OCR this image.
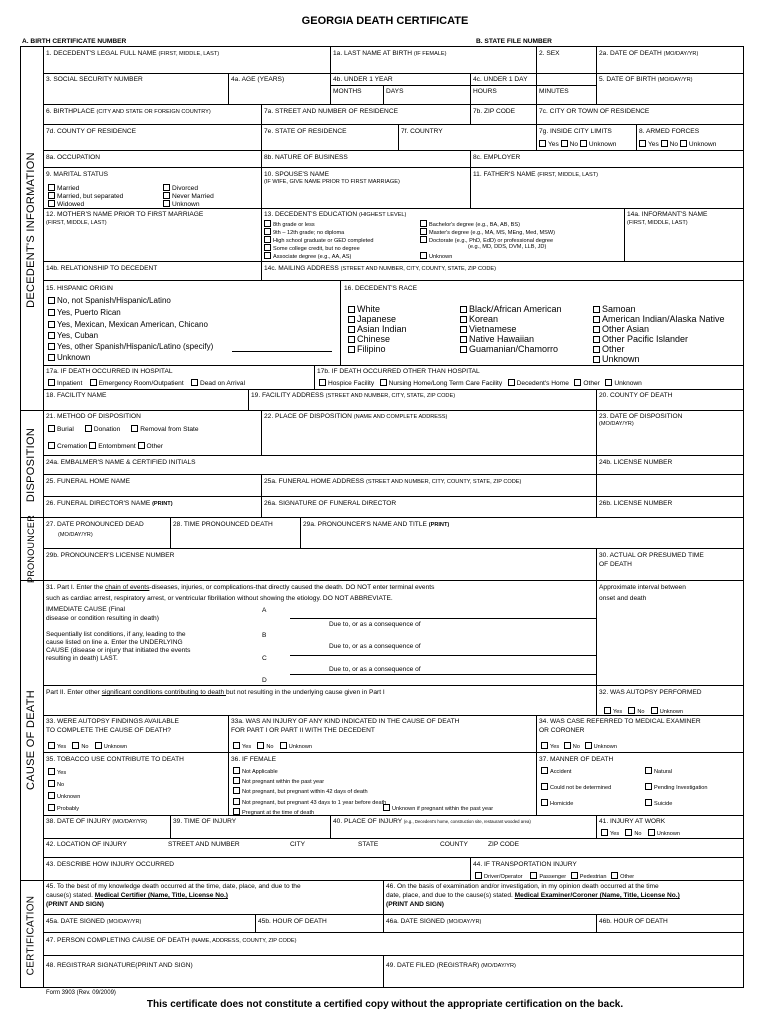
GEORGIA DEATH CERTIFICATE
A. BIRTH CERTIFICATE NUMBER	B. STATE FILE NUMBER
DECEDENT'S INFORMATION
DISPOSITION
PRONOUNCER
CAUSE OF DEATH
CERTIFICATION
1. DECEDENT'S LEGAL FULL NAME (FIRST, MIDDLE, LAST)	1a. LAST NAME AT BIRTH (IF FEMALE)	2. SEX	2a. DATE OF DEATH (MO/DAY/YR)
3. SOCIAL SECURITY NUMBER	4a. AGE (YEARS)	4b. UNDER 1 YEAR	4c. UNDER 1 DAY	5. DATE OF BIRTH (MO/DAY/YR)
MONTHS	DAYS	HOURS	MINUTES
6. BIRTHPLACE (CITY AND STATE OR FOREIGN COUNTRY)	7a. STREET AND NUMBER OF RESIDENCE	7b. ZIP CODE	7c. CITY OR TOWN OF RESIDENCE
7d. COUNTY OF RESIDENCE	7e. STATE OF RESIDENCE	7f. COUNTRY	7g. INSIDE CITY LIMITS	8. ARMED FORCES
Yes No Unknown	Yes No Unknown
8a. OCCUPATION	8b. NATURE OF BUSINESS	8c. EMPLOYER
9. MARITAL STATUS
Married
Married, but separated
Widowed
Divorced
Never Married
Unknown
10. SPOUSE'S NAME
(IF WIFE, GIVE NAME PRIOR TO FIRST MARRIAGE)
11. FATHER'S NAME (FIRST, MIDDLE, LAST)
12. MOTHER'S NAME PRIOR TO FIRST MARRIAGE
(FIRST, MIDDLE, LAST)
13. DECEDENT'S EDUCATION (HIGHEST LEVEL)
8th grade or less
9th – 12th grade; no diploma
High school graduate or GED completed
Some college credit, but no degree
Associate degree (e.g., AA, AS)
Bachelor's degree (e.g., BA, AB, BS)
Master's degree (e.g., MA, MS, MEng, Med, MSW)
Doctorate (e.g., PhD, EdD) or professional degree
(e.g., MD, DDS, DVM, LLB, JD)
Unknown
14a. INFORMANT'S NAME
(FIRST, MIDDLE, LAST)
14b. RELATIONSHIP TO DECEDENT	14c. MAILING ADDRESS (STREET AND NUMBER, CITY, COUNTY, STATE, ZIP CODE)
15. HISPANIC ORIGIN
No, not Spanish/Hispanic/Latino
Yes, Puerto Rican
Yes, Mexican, Mexican American, Chicano
Yes, Cuban
Yes, other Spanish/Hispanic/Latino (specify)
Unknown
16. DECEDENT'S RACE
White
Japanese
Asian Indian
Chinese
Filipino
Black/African American
Korean
Vietnamese
Native Hawaiian
Guamanian/Chamorro
Samoan
American Indian/Alaska Native
Other Asian
Other Pacific Islander
Other
Unknown
17a. IF DEATH OCCURRED IN HOSPITAL
Inpatient Emergency Room/Outpatient Dead on Arrival
17b. IF DEATH OCCURRED OTHER THAN HOSPITAL
Hospice Facility Nursing Home/Long Term Care Facility Decedent's Home Other Unknown
18. FACILITY NAME	19. FACILITY ADDRESS (STREET AND NUMBER, CITY, STATE, ZIP CODE)	20. COUNTY OF DEATH
21. METHOD OF DISPOSITION
Burial	Donation	Removal from State
Cremation Entombment Other
22. PLACE OF DISPOSITION (NAME AND COMPLETE ADDRESS)	23. DATE OF DISPOSITION
(MO/DAY/YR)
24a. EMBALMER'S NAME & CERTIFIED INITIALS	24b. LICENSE NUMBER
25. FUNERAL HOME NAME	25a. FUNERAL HOME ADDRESS (STREET AND NUMBER, CITY, COUNTY, STATE, ZIP CODE)
26. FUNERAL DIRECTOR'S NAME (PRINT)	26a. SIGNATURE OF FUNERAL DIRECTOR	26b. LICENSE NUMBER
27. DATE PRONOUNCED DEAD
(MO/DAY/YR)
28. TIME PRONOUNCED DEATH	29a. PRONOUNCER'S NAME AND TITLE (PRINT)
29b. PRONOUNCER'S LICENSE NUMBER	30. ACTUAL OR PRESUMED TIME
OF DEATH
31. Part I. Enter the chain of events-diseases, injuries, or complications-that directly caused the death. DO NOT enter terminal events
such as cardiac arrest, respiratory arrest, or ventricular fibrillation without showing the etiology. DO NOT ABBREVIATE.
Approximate interval between
onset and death
IMMEDIATE CAUSE (Final
disease or condition resulting in death)
Sequentially list conditions, if any, leading to the
cause listed on line a. Enter the UNDERLYING
CAUSE (disease or injury that initiated the events
resulting in death) LAST.
A
Due to, or as a consequence of
B
Due to, or as a consequence of
C
Due to, or as a consequence of
D
Part II. Enter other significant conditions contributing to death but not resulting in the underlying cause given in Part I	32. WAS AUTOPSY PERFORMED
Yes	No	Unknown
33. WERE AUTOPSY FINDINGS AVAILABLE
TO COMPLETE THE CAUSE OF DEATH?
Yes	No	Unknown
33a. WAS AN INJURY OF ANY KIND INDICATED IN THE CAUSE OF DEATH
FOR PART I OR PART II WITH THE DECEDENT
Yes	No	Unknown
34. WAS CASE REFERRED TO MEDICAL EXAMINER
OR CORONER
Yes No Unknown
35. TOBACCO USE CONTRIBUTE TO DEATH
Yes
No
Unknown
Probably
36. IF FEMALE
Not Applicable
Not pregnant within the past year
Not pregnant, but pregnant within 42 days of death
Not pregnant, but pregnant 43 days to 1 year before death
Pregnant at the time of death
Unknown if pregnant within the past year
37. MANNER OF DEATH
Accident	Natural
Could not be determined	Pending Investigation
Homicide	Suicide
38. DATE OF INJURY (MO/DAY/YR)	39. TIME OF INJURY	40. PLACE OF INJURY (e.g., Decedent's home, construction site, restaurant wooded area)	41. INJURY AT WORK
Yes	No	Unknown
42. LOCATION OF INJURY	STREET AND NUMBER	CITY	STATE	COUNTY	ZIP CODE
43. DESCRIBE HOW INJURY OCCURRED	44. IF TRANSPORTATION INJURY
Driver/Operator	Passenger Pedestrian Other
45. To the best of my knowledge death occurred at the time, date, place, and due to the
cause(s) stated. Medical Certifier (Name, Title, License No.)
(PRINT AND SIGN)
46. On the basis of examination and/or investigation, in my opinion death occurred at the time
date, place, and due to the cause(s) stated. Medical Examiner/Coroner (Name, Title, License No.)
(PRINT AND SIGN)
45a. DATE SIGNED (MO/DAY/YR)	45b. HOUR OF DEATH	46a. DATE SIGNED (MO/DAY/YR)	46b. HOUR OF DEATH
47. PERSON COMPLETING CAUSE OF DEATH (NAME, ADDRESS, COUNTY, ZIP CODE)
48. REGISTRAR SIGNATURE(PRINT AND SIGN)	49. DATE FILED (REGISTRAR) (MO/DAY/YR)
Form 3903 (Rev. 09/2009)
This certificate does not constitute a certified copy without the appropriate certification on the back.
